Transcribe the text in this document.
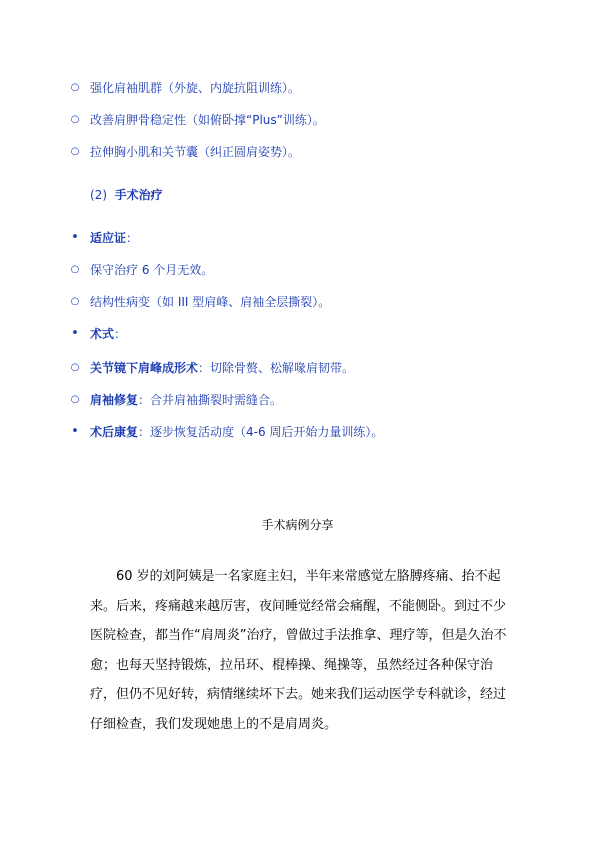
○ 强化肩袖肌群（外旋、内旋抗阻训练）。
○ 改善肩胛骨稳定性（如俯卧撑“Plus”训练）。
○ 拉伸胸小肌和关节囊（纠正圆肩姿势）。
(2) 手术治疗
• 适应证：
○ 保守治疗 6 个月无效。
○ 结构性病变（如 III 型肩峰、肩袖全层撕裂）。
• 术式：
○ 关节镜下肩峰成形术：切除骨赘、松解喙肩韧带。
○ 肩袖修复：合并肩袖撕裂时需缝合。
• 术后康复：逐步恢复活动度（4-6 周后开始力量训练）。
手术病例分享
　　60 岁的刘阿姨是一名家庭主妇，半年来常感觉左胳膊疼痛、抬不起
来。后来，疼痛越来越厉害，夜间睡觉经常会痛醒，不能侧卧。到过不少
医院检查，都当作“肩周炎”治疗，曾做过手法推拿、理疗等，但是久治不
愈；也每天坚持锻炼，拉吊环、棍棒操、绳操等，虽然经过各种保守治
疗，但仍不见好转，病情继续坏下去。她来我们运动医学专科就诊，经过
仔细检查，我们发现她患上的不是肩周炎。
